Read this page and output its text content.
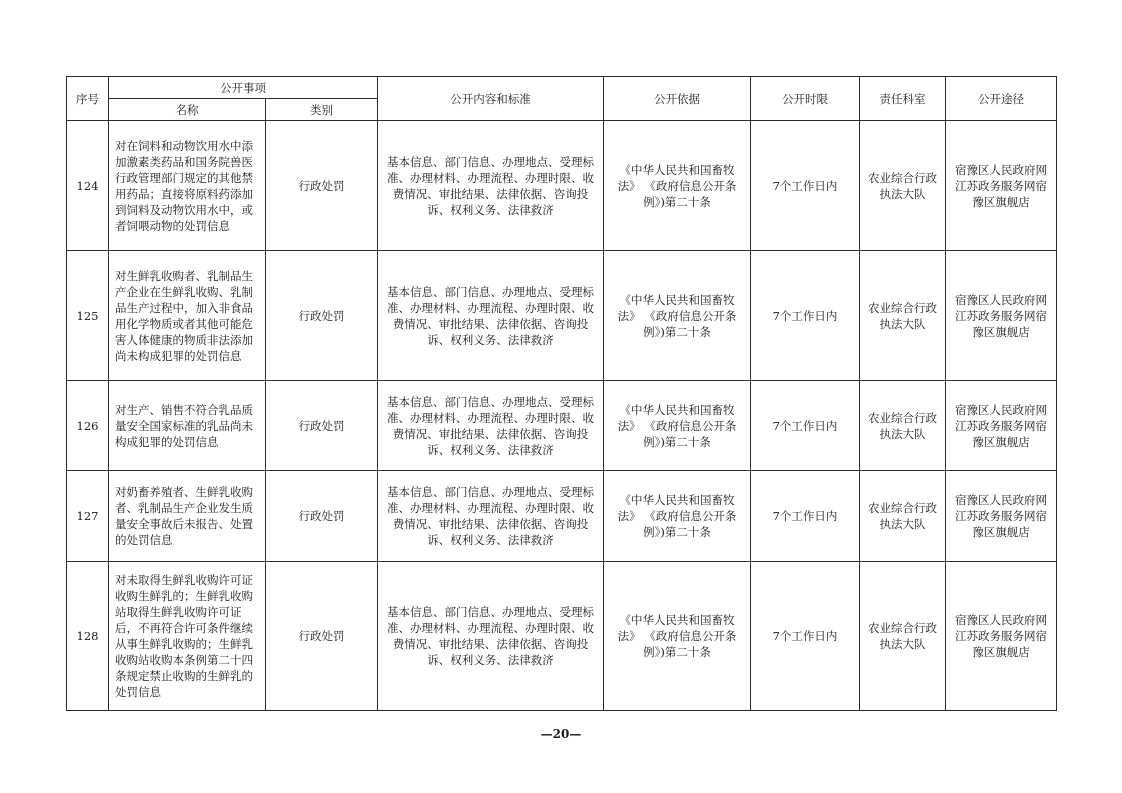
序号	公开事项		公开内容和标准	公开依据	公开时限	责任科室	公开途径
	名称	类别					
124	对在饲料和动物饮用水中添加激素类药品和国务院兽医行政管理部门规定的其他禁用药品；直接将原料药添加到饲料及动物饮用水中，或者饲喂动物的处罚信息	行政处罚	基本信息、部门信息、办理地点、受理标准、办理材料、办理流程、办理时限、收费情况、审批结果、法律依据、咨询投诉、权利义务、法律救济	《中华人民共和国畜牧法》 《政府信息公开条例》)第二十条	7个工作日内	农业综合行政执法大队	宿豫区人民政府网江苏政务服务网宿豫区旗舰店
125	对生鲜乳收购者、乳制品生产企业在生鲜乳收购、乳制品生产过程中，加入非食品用化学物质或者其他可能危害人体健康的物质非法添加尚未构成犯罪的处罚信息	行政处罚	基本信息、部门信息、办理地点、受理标准、办理材料、办理流程、办理时限、收费情况、审批结果、法律依据、咨询投诉、权利义务、法律救济	《中华人民共和国畜牧法》 《政府信息公开条例》)第二十条	7个工作日内	农业综合行政执法大队	宿豫区人民政府网江苏政务服务网宿豫区旗舰店
126	对生产、销售不符合乳品质量安全国家标准的乳品尚未构成犯罪的处罚信息	行政处罚	基本信息、部门信息、办理地点、受理标准、办理材料、办理流程、办理时限、收费情况、审批结果、法律依据、咨询投诉、权利义务、法律救济	《中华人民共和国畜牧法》 《政府信息公开条例》)第二十条	7个工作日内	农业综合行政执法大队	宿豫区人民政府网江苏政务服务网宿豫区旗舰店
127	对奶畜养殖者、生鲜乳收购者、乳制品生产企业发生质量安全事故后未报告、处置的处罚信息	行政处罚	基本信息、部门信息、办理地点、受理标准、办理材料、办理流程、办理时限、收费情况、审批结果、法律依据、咨询投诉、权利义务、法律救济	《中华人民共和国畜牧法》 《政府信息公开条例》)第二十条	7个工作日内	农业综合行政执法大队	宿豫区人民政府网江苏政务服务网宿豫区旗舰店
128	对未取得生鲜乳收购许可证收购生鲜乳的；生鲜乳收购站取得生鲜乳收购许可证后，不再符合许可条件继续从事生鲜乳收购的；生鲜乳收购站收购本条例第二十四条规定禁止收购的生鲜乳的处罚信息	行政处罚	基本信息、部门信息、办理地点、受理标准、办理材料、办理流程、办理时限、收费情况、审批结果、法律依据、咨询投诉、权利义务、法律救济	《中华人民共和国畜牧法》 《政府信息公开条例》)第二十条	7个工作日内	农业综合行政执法大队	宿豫区人民政府网江苏政务服务网宿豫区旗舰店
—20—
